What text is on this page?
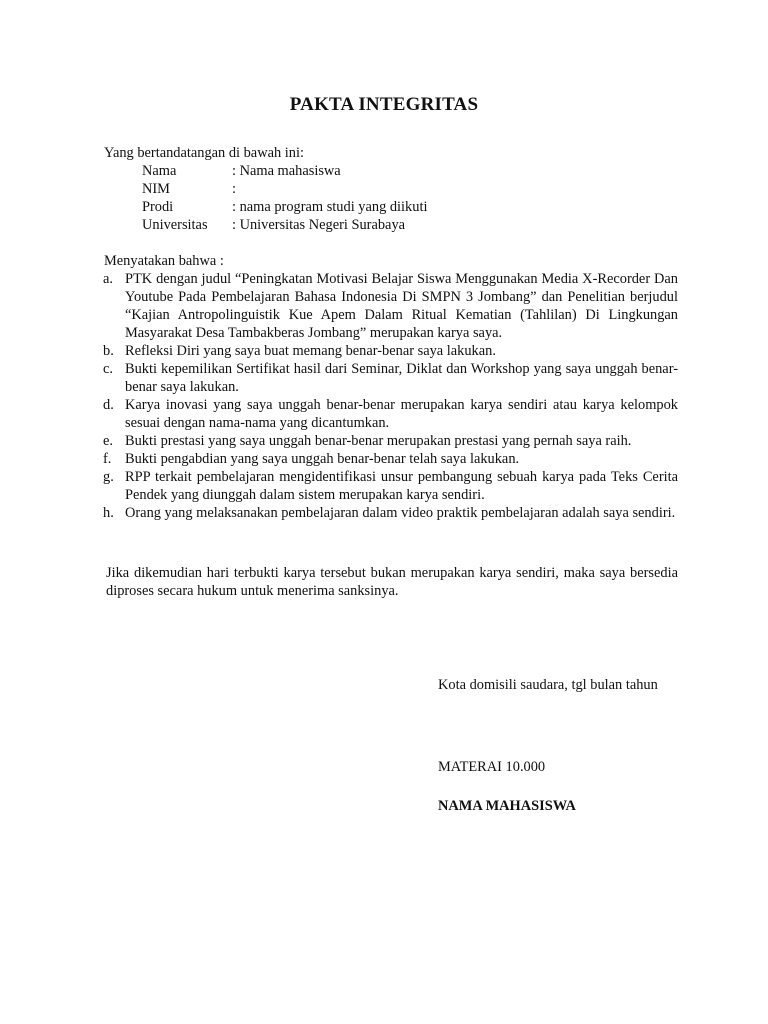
PAKTA INTEGRITAS
Yang bertandatangan di bawah ini:
Nama	: Nama mahasiswa
NIM	:
Prodi	: nama program studi yang diikuti
Universitas	: Universitas Negeri Surabaya
Menyatakan bahwa :
a. PTK dengan judul “Peningkatan Motivasi Belajar Siswa Menggunakan Media X-Recorder Dan Youtube Pada Pembelajaran Bahasa Indonesia Di SMPN 3 Jombang” dan Penelitian berjudul “Kajian Antropolinguistik Kue Apem Dalam Ritual Kematian (Tahlilan) Di Lingkungan Masyarakat Desa Tambakberas Jombang” merupakan karya saya.
b. Refleksi Diri yang saya buat memang benar-benar saya lakukan.
c. Bukti kepemilikan Sertifikat hasil dari Seminar, Diklat dan Workshop yang saya unggah benar-benar saya lakukan.
d. Karya inovasi yang saya unggah benar-benar merupakan karya sendiri atau karya kelompok sesuai dengan nama-nama yang dicantumkan.
e. Bukti prestasi yang saya unggah benar-benar merupakan prestasi yang pernah saya raih.
f. Bukti pengabdian yang saya unggah benar-benar telah saya lakukan.
g. RPP terkait pembelajaran mengidentifikasi unsur pembangung sebuah karya pada Teks Cerita Pendek yang diunggah dalam sistem merupakan karya sendiri.
h. Orang yang melaksanakan pembelajaran dalam video praktik pembelajaran adalah saya sendiri.
Jika dikemudian hari terbukti karya tersebut bukan merupakan karya sendiri, maka saya bersedia diproses secara hukum untuk menerima sanksinya.
Kota domisili saudara, tgl bulan tahun
MATERAI 10.000
NAMA MAHASISWA
